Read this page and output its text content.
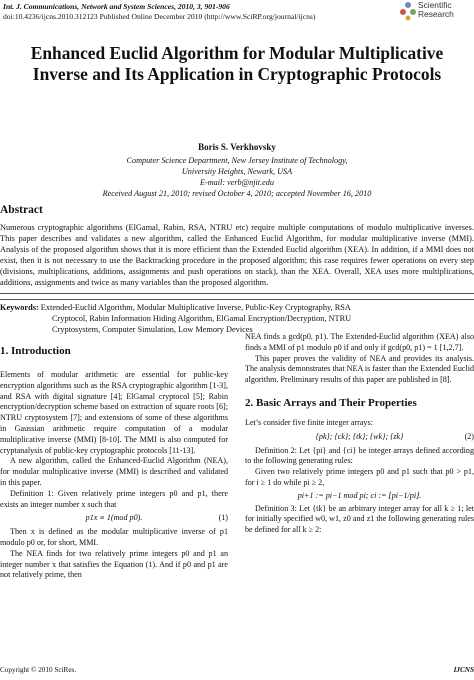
Int. J. Communications, Network and System Sciences, 2010, 3, 901-906
doi:10.4236/ijcns.2010.312123 Published Online December 2010 (http://www.SciRP.org/journal/ijcns)
Scientific
Research
Enhanced Euclid Algorithm for Modular Multiplicative
Inverse and Its Application in Cryptographic Protocols
Boris S. Verkhovsky
Computer Science Department, New Jersey Institute of Technology,
University Heights, Newark, USA
E-mail: verb@njit.edu
Received August 21, 2010; revised October 4, 2010; accepted November 16, 2010
Abstract
Numerous cryptographic algorithms (ElGamal, Rabin, RSA, NTRU etc) require multiple computations of modulo multiplicative inverses. This paper describes and validates a new algorithm, called the Enhanced Euclid Algorithm, for modular multiplicative inverse (MMI). Analysis of the proposed algorithm shows that it is more efficient than the Extended Euclid algorithm (XEA). In addition, if a MMI does not exist, then it is not necessary to use the Backtracking procedure in the proposed algorithm; this case requires fewer operations on every step (divisions, multiplications, additions, assignments and push operations on stack), than the XEA. Overall, XEA uses more multiplications, additions, assignments and twice as many variables than the proposed algorithm.
Keywords: Extended-Euclid Algorithm, Modular Multiplicative Inverse, Public-Key Cryptography, RSA
Cryptocol, Rabin Information Hiding Algorithm, ElGamal Encryption/Decryption, NTRU
Cryptosystem, Computer Simulation, Low Memory Devices
1. Introduction

Elements of modular arithmetic are essential for public-key encryption algorithms such as the RSA cryptographic algorithm [1-3], and RSA with digital signature [4]; ElGamal cryptocol [5]; Rabin encryption/decryption scheme based on extraction of square roots [6]; NTRU cryptosystem [7]; and extensions of some of these algorithms in Gaussian arithmetic require computation of a modular multiplicative inverse (MMI) [8-10]. The MMI is also computed for cryptanalysis of public-key cryptographic protocols [11-13].

A new algorithm, called the Enhanced-Euclid Algorithm (NEA), for modular multiplicative inverse (MMI) is described and validated in this paper.

Definition 1: Given relatively prime integers p0 and p1, there exists an integer number x such that

p1x ≡ 1(mod p0).	(1)

Then x is defined as the modular multiplicative inverse of p1 modulo p0 or, for short, MMI.

The NEA finds for two relatively prime integers p0 and p1 an integer number x that satisfies the Equation (1). And if p0 and p1 are not relatively prime, then

NEA finds a gcd(p0, p1). The Extended-Euclid algorithm (XEA) also finds a MMI of p1 modulo p0 if and only if gcd(p0, p1) = 1 [1,2,7].

This paper proves the validity of NEA and provides its analysis. The analysis demonstrates that NEA is faster than the Extended Euclid algorithm. Preliminary results of this paper are published in [8].

2. Basic Arrays and Their Properties

Let’s consider five finite integer arrays:

{pk}; {ck}; {tk}; {wk}; {zk}	(2)

Definition 2: Let {pi} and {ci} be integer arrays defined according to the following generating rules:

Given two relatively prime integers p0 and p1 such that p0 > p1, for i ≥ 1 do while pi ≥ 2,

pi+1 := pi−1 mod pi; ci := ⌊pi−1/pi⌋.

Definition 3: Let {tk} be an arbitrary integer array for all k ≥ 1; let for initially specified w0, w1, z0 and z1 the following generating rules be defined for all k ≥ 2:

Copyright © 2010 SciRes.	IJCNS
